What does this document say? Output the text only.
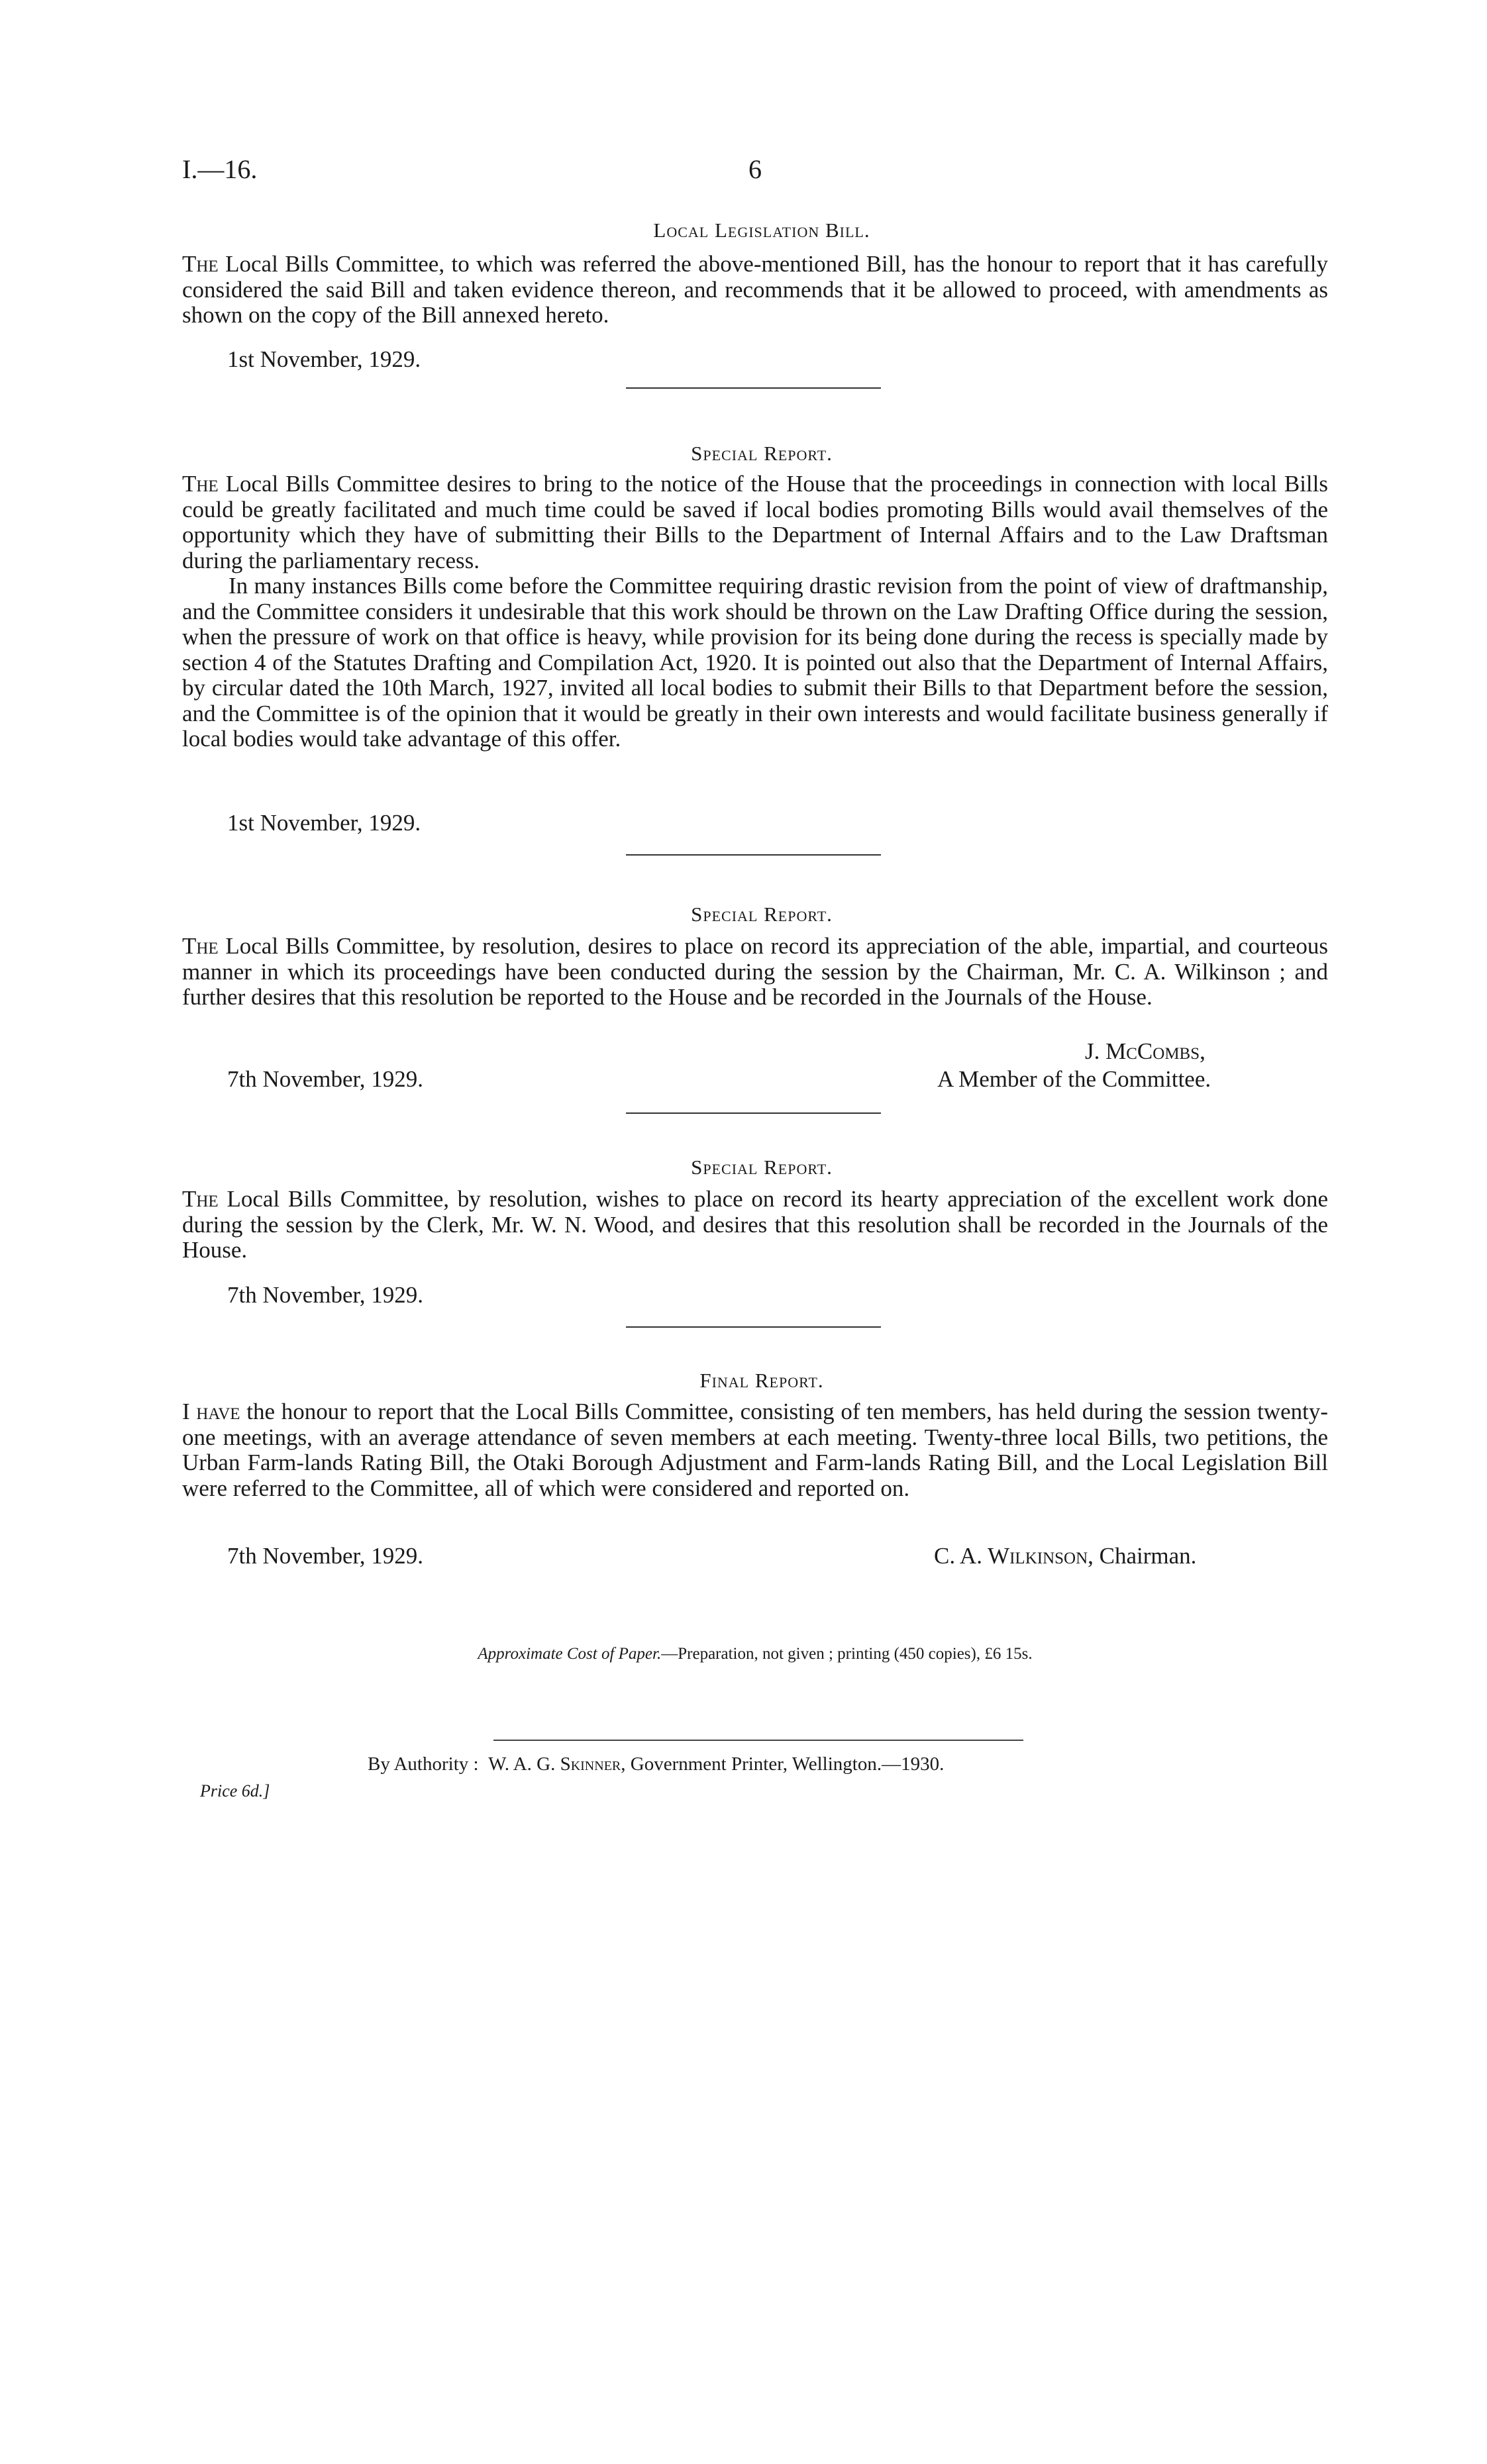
I.—16.	6
Local Legislation Bill.
The Local Bills Committee, to which was referred the above-mentioned Bill, has the honour to report that it has carefully considered the said Bill and taken evidence thereon, and recommends that it be allowed to proceed, with amendments as shown on the copy of the Bill annexed hereto.
1st November, 1929.
Special Report.
The Local Bills Committee desires to bring to the notice of the House that the proceedings in connection with local Bills could be greatly facilitated and much time could be saved if local bodies promoting Bills would avail themselves of the opportunity which they have of submitting their Bills to the Department of Internal Affairs and to the Law Draftsman during the parliamentary recess.
In many instances Bills come before the Committee requiring drastic revision from the point of view of draftmanship, and the Committee considers it undesirable that this work should be thrown on the Law Drafting Office during the session, when the pressure of work on that office is heavy, while provision for its being done during the recess is specially made by section 4 of the Statutes Drafting and Compilation Act, 1920. It is pointed out also that the Department of Internal Affairs, by circular dated the 10th March, 1927, invited all local bodies to submit their Bills to that Department before the session, and the Committee is of the opinion that it would be greatly in their own interests and would facilitate business generally if local bodies would take advantage of this offer.
1st November, 1929.
Special Report.
The Local Bills Committee, by resolution, desires to place on record its appreciation of the able, impartial, and courteous manner in which its proceedings have been conducted during the session by the Chairman, Mr. C. A. Wilkinson ; and further desires that this resolution be reported to the House and be recorded in the Journals of the House.
J. McCombs,
7th November, 1929.	A Member of the Committee.
Special Report.
The Local Bills Committee, by resolution, wishes to place on record its hearty appreciation of the excellent work done during the session by the Clerk, Mr. W. N. Wood, and desires that this resolution shall be recorded in the Journals of the House.
7th November, 1929.
Final Report.
I have the honour to report that the Local Bills Committee, consisting of ten members, has held during the session twenty-one meetings, with an average attendance of seven members at each meeting. Twenty-three local Bills, two petitions, the Urban Farm-lands Rating Bill, the Otaki Borough Adjustment and Farm-lands Rating Bill, and the Local Legislation Bill were referred to the Committee, all of which were considered and reported on.
7th November, 1929.	C. A. Wilkinson, Chairman.
Approximate Cost of Paper.—Preparation, not given ; printing (450 copies), £6 15s.
By Authority : W. A. G. Skinner, Government Printer, Wellington.—1930.
Price 6d.]
